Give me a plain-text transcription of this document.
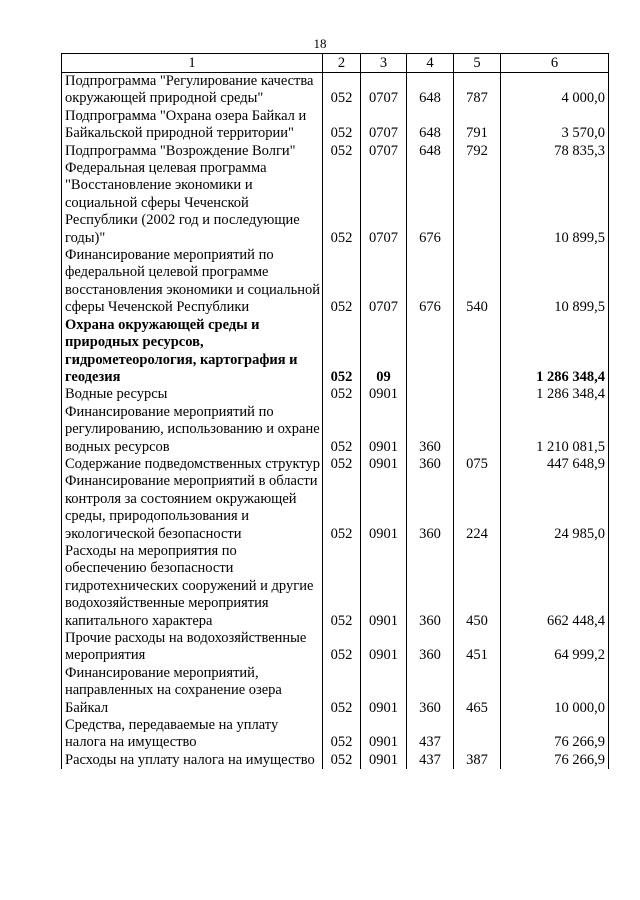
18
1	2	3	4	5	6
Подпрограмма "Регулирование качества окружающей природной среды"	052	0707	648	787	4 000,0
Подпрограмма "Охрана озера Байкал и Байкальской природной территории"	052	0707	648	791	3 570,0
Подпрограмма "Возрождение Волги"	052	0707	648	792	78 835,3
Федеральная целевая программа "Восстановление экономики и социальной сферы Чеченской Республики (2002 год и последующие годы)"	052	0707	676		10 899,5
Финансирование мероприятий по федеральной целевой программе восстановления экономики и социальной сферы Чеченской Республики	052	0707	676	540	10 899,5
Охрана окружающей среды и природных ресурсов, гидрометеорология, картография и геодезия	052	09			1 286 348,4
Водные ресурсы	052	0901			1 286 348,4
Финансирование мероприятий по регулированию, использованию и охране водных ресурсов	052	0901	360		1 210 081,5
Содержание подведомственных структур	052	0901	360	075	447 648,9
Финансирование мероприятий в области контроля за состоянием окружающей среды, природопользования и экологической безопасности	052	0901	360	224	24 985,0
Расходы на мероприятия по обеспечению безопасности гидротехнических сооружений и другие водохозяйственные мероприятия капитального характера	052	0901	360	450	662 448,4
Прочие расходы на водохозяйственные мероприятия	052	0901	360	451	64 999,2
Финансирование мероприятий, направленных на сохранение озера Байкал	052	0901	360	465	10 000,0
Средства, передаваемые на уплату налога на имущество	052	0901	437		76 266,9
Расходы на уплату налога на имущество	052	0901	437	387	76 266,9
